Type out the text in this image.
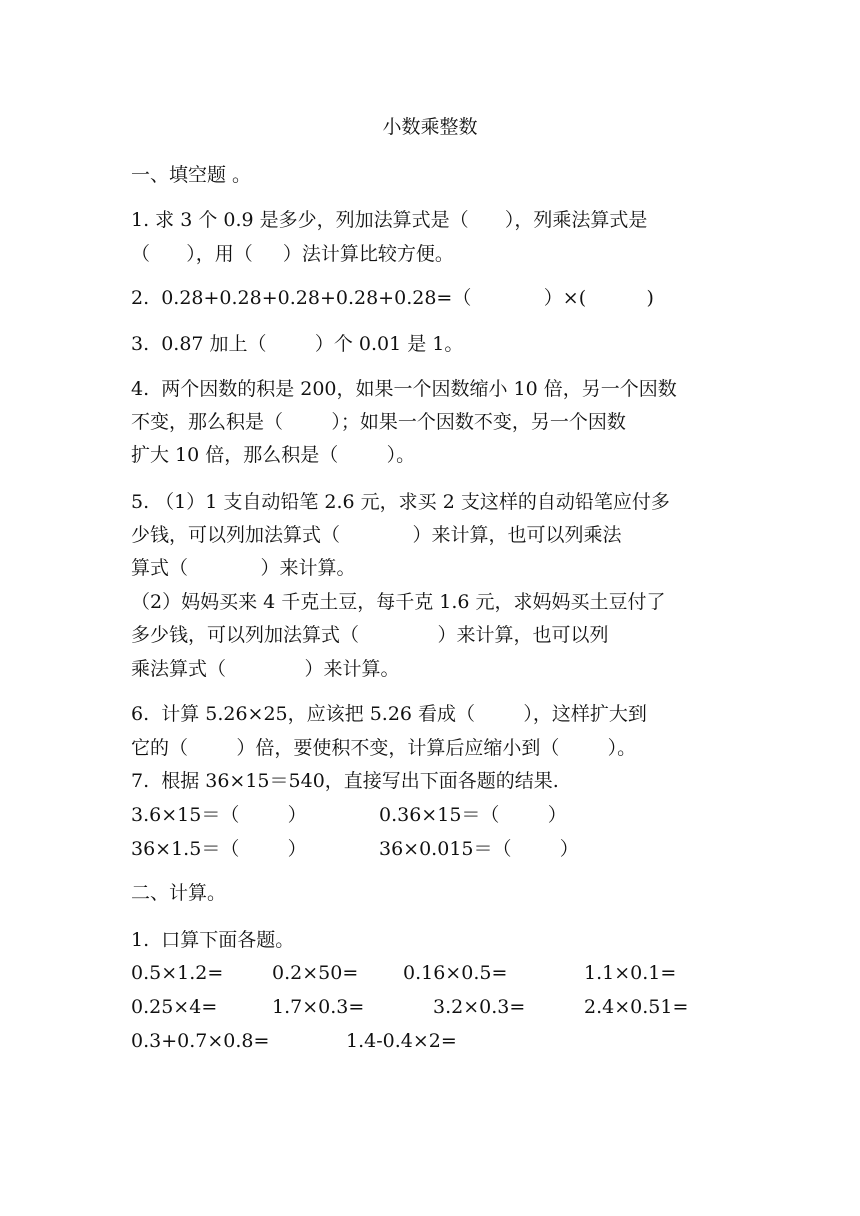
小数乘整数
一、填空题 。
1. 求 3 个 0.9 是多少，列加法算式是（      ），列乘法算式是
（      ），用（     ）法计算比较方便。
2.  0.28+0.28+0.28+0.28+0.28=（            ）×(          )
3.  0.87 加上（        ）个 0.01 是 1。
4.  两个因数的积是 200，如果一个因数缩小 10 倍，另一个因数
不变，那么积是（        ）；如果一个因数不变，另一个因数
扩大 10 倍，那么积是（        ）。
5. （1）1 支自动铅笔 2.6 元，求买 2 支这样的自动铅笔应付多
少钱，可以列加法算式（            ）来计算，也可以列乘法
算式（            ）来计算。
（2）妈妈买来 4 千克土豆，每千克 1.6 元，求妈妈买土豆付了
多少钱，可以列加法算式（             ）来计算，也可以列
乘法算式（             ）来计算。
6.  计算 5.26×25，应该把 5.26 看成（        ），这样扩大到
它的（        ）倍，要使积不变，计算后应缩小到（        ）。
7.  根据 36×15＝540，直接写出下面各题的结果.
3.6×15＝（        ）	0.36×15＝（        ）
36×1.5＝（        ）	36×0.015＝（        ）
二、计算。
1.  口算下面各题。
0.5×1.2=	0.2×50= 0.16×0.5=	1.1×0.1=
0.25×4=	1.7×0.3=	3.2×0.3=	2.4×0.51=
0.3+0.7×0.8=	1.4-0.4×2=
